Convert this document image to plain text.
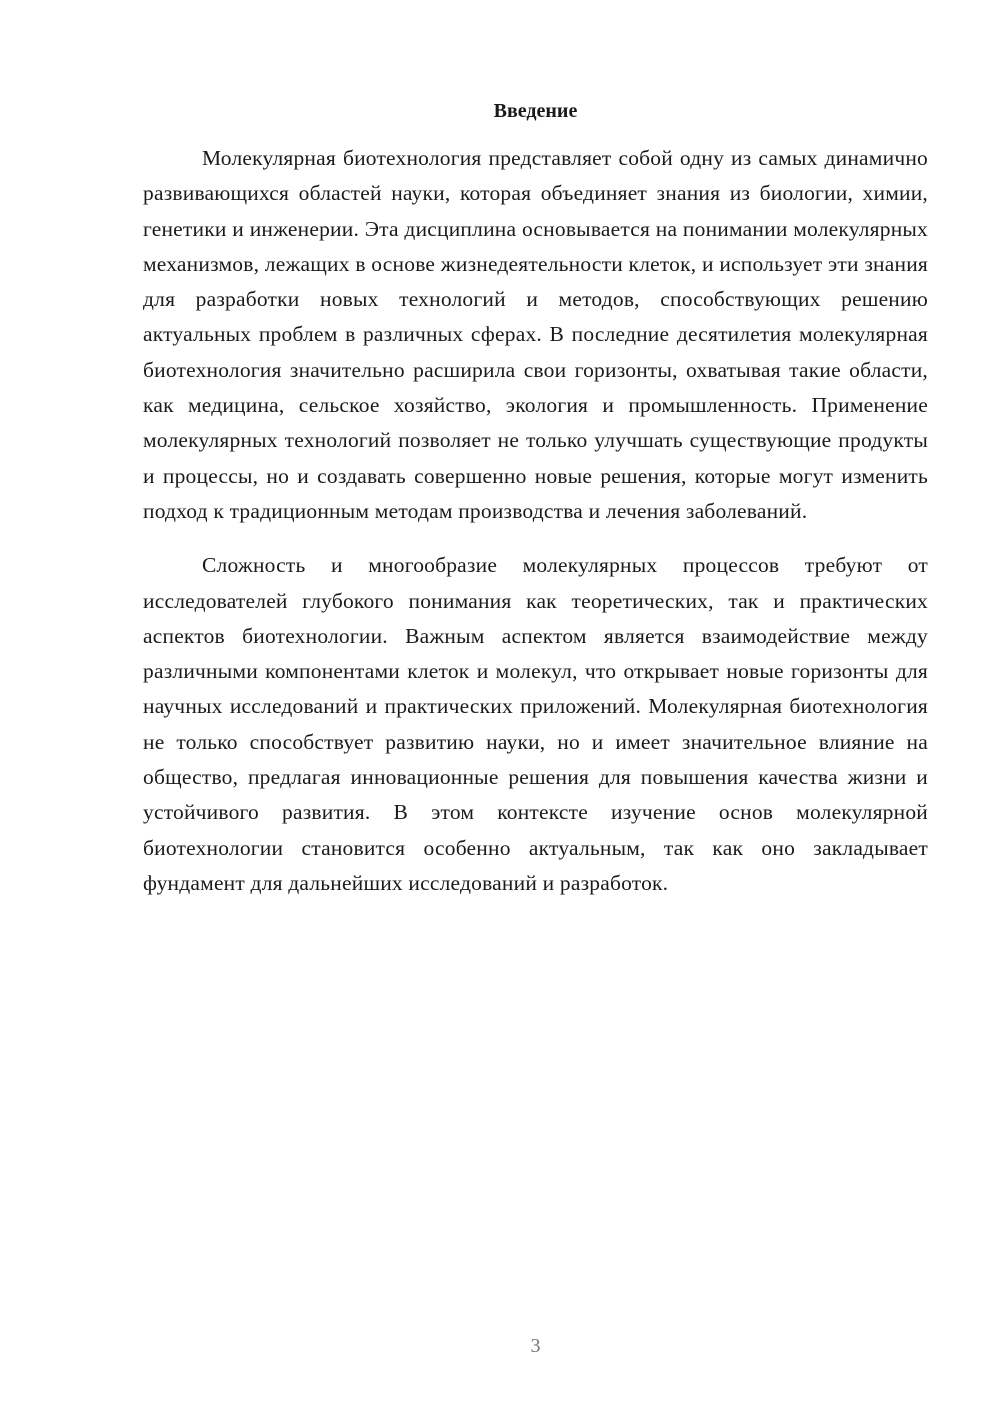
Введение

Молекулярная биотехнология представляет собой одну из самых динамично развивающихся областей науки, которая объединяет знания из биологии, химии, генетики и инженерии. Эта дисциплина основывается на понимании молекулярных механизмов, лежащих в основе жизнедеятельности клеток, и использует эти знания для разработки новых технологий и методов, способствующих решению актуальных проблем в различных сферах. В последние десятилетия молекулярная биотехнология значительно расширила свои горизонты, охватывая такие области, как медицина, сельское хозяйство, экология и промышленность. Применение молекулярных технологий позволяет не только улучшать существующие продукты и процессы, но и создавать совершенно новые решения, которые могут изменить подход к традиционным методам производства и лечения заболеваний.

Сложность и многообразие молекулярных процессов требуют от исследователей глубокого понимания как теоретических, так и практических аспектов биотехнологии. Важным аспектом является взаимодействие между различными компонентами клеток и молекул, что открывает новые горизонты для научных исследований и практических приложений. Молекулярная биотехнология не только способствует развитию науки, но и имеет значительное влияние на общество, предлагая инновационные решения для повышения качества жизни и устойчивого развития. В этом контексте изучение основ молекулярной биотехнологии становится особенно актуальным, так как оно закладывает фундамент для дальнейших исследований и разработок.

3
